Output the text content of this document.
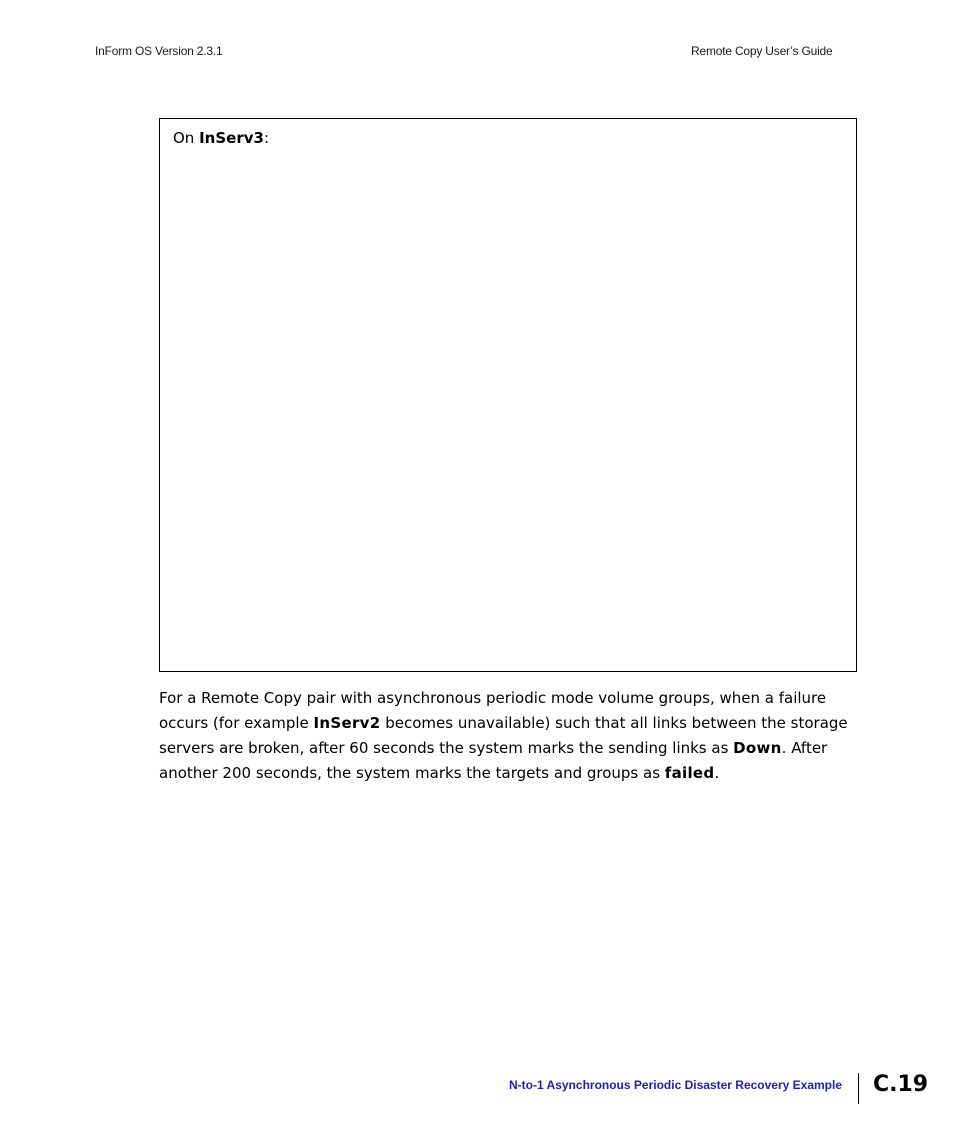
InForm OS Version 2.3.1	Remote Copy User’s Guide
On InServ3:
For a Remote Copy pair with asynchronous periodic mode volume groups, when a failure occurs (for example InServ2 becomes unavailable) such that all links between the storage servers are broken, after 60 seconds the system marks the sending links as Down. After another 200 seconds, the system marks the targets and groups as failed.
N-to-1 Asynchronous Periodic Disaster Recovery Example C.19
